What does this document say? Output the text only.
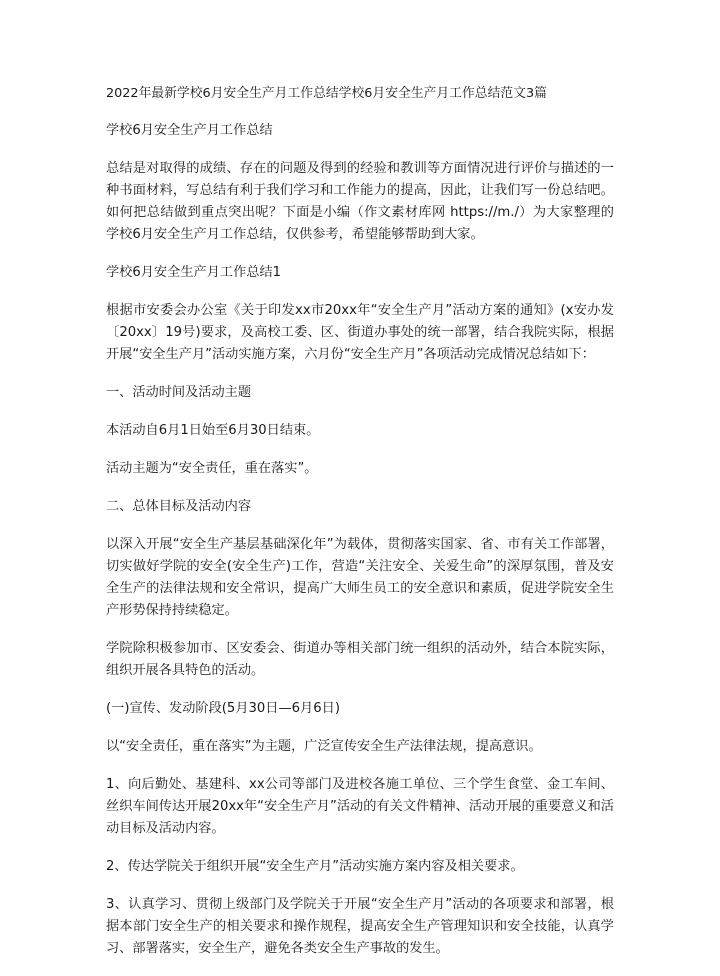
2022年最新学校6月安全生产月工作总结学校6月安全生产月工作总结范文3篇
学校6月安全生产月工作总结

总结是对取得的成绩、存在的问题及得到的经验和教训等方面情况进行评价与描述的一种书面材料，写总结有利于我们学习和工作能力的提高，因此，让我们写一份总结吧。如何把总结做到重点突出呢？下面是小编（作文素材库网 https://m./）为大家整理的学校6月安全生产月工作总结，仅供参考，希望能够帮助到大家。

学校6月安全生产月工作总结1

根据市安委会办公室《关于印发xx市20xx年“安全生产月”活动方案的通知》(x安办发〔20xx〕19号)要求，及高校工委、区、街道办事处的统一部署，结合我院实际，根据开展“安全生产月”活动实施方案，六月份“安全生产月”各项活动完成情况总结如下：

一、活动时间及活动主题

本活动自6月1日始至6月30日结束。

活动主题为“安全责任，重在落实”。

二、总体目标及活动内容

以深入开展“安全生产基层基础深化年”为载体，贯彻落实国家、省、市有关工作部署，切实做好学院的安全(安全生产)工作，营造“关注安全、关爱生命”的深厚氛围，普及安全生产的法律法规和安全常识，提高广大师生员工的安全意识和素质，促进学院安全生产形势保持持续稳定。

学院除积极参加市、区安委会、街道办等相关部门统一组织的活动外，结合本院实际，组织开展各具特色的活动。

(一)宣传、发动阶段(5月30日—6月6日)

以“安全责任，重在落实”为主题，广泛宣传安全生产法律法规，提高意识。

1、向后勤处、基建科、xx公司等部门及进校各施工单位、三个学生食堂、金工车间、丝织车间传达开展20xx年“安全生产月”活动的有关文件精神、活动开展的重要意义和活动目标及活动内容。

2、传达学院关于组织开展“安全生产月”活动实施方案内容及相关要求。

3、认真学习、贯彻上级部门及学院关于开展“安全生产月”活动的各项要求和部署，根据本部门安全生产的相关要求和操作规程，提高安全生产管理知识和安全技能，认真学习、部署落实，安全生产，避免各类安全生产事故的发生。
